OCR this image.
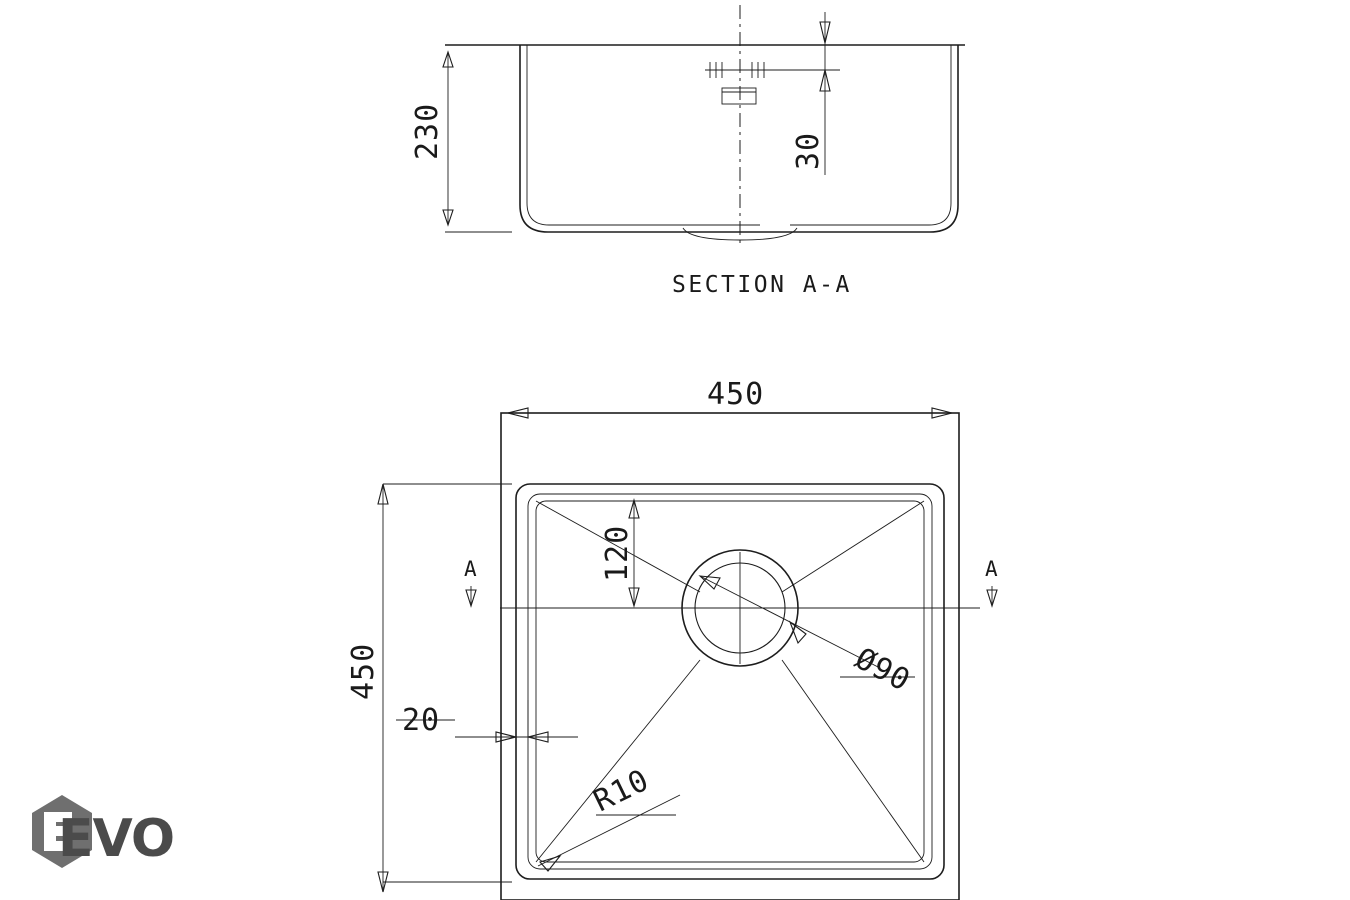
230	30
SECTION A-A
450
450
20
120
Ø90
R10
A	A
EVO
